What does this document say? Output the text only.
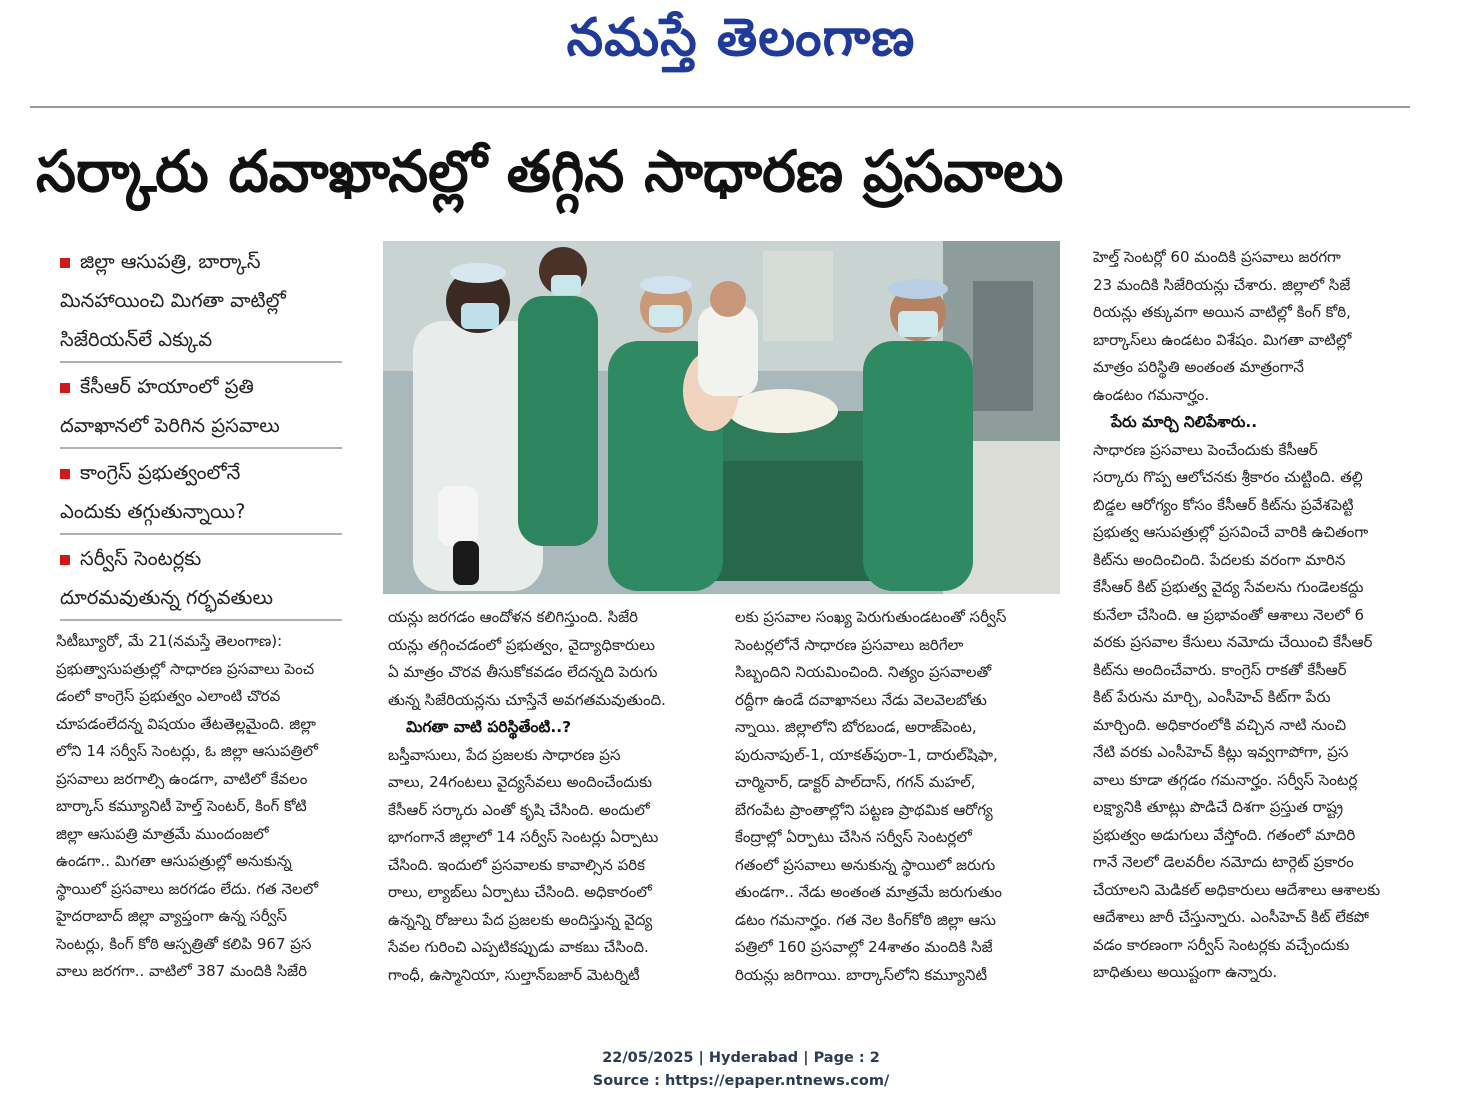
నమస్తే తెలంగాణ
సర్కారు దవాఖానల్లో తగ్గిన సాధారణ ప్రసవాలు
జిల్లా ఆసుపత్రి, బార్కాస్
మినహాయించి మిగతా వాటిల్లో
సిజేరియన్‌లే ఎక్కువ
కేసీఆర్ హయాంలో ప్రతి
దవాఖానలో పెరిగిన ప్రసవాలు
కాంగ్రెస్ ప్రభుత్వంలోనే
ఎందుకు తగ్గుతున్నాయి?
సర్వీస్ సెంటర్లకు
దూరమవుతున్న గర్భవతులు
సిటీబ్యూరో, మే 21(నమస్తే తెలంగాణ):
ప్రభుత్వాసుపత్రుల్లో సాధారణ ప్రసవాలు పెంచ
డంలో కాంగ్రెస్ ప్రభుత్వం ఎలాంటి చొరవ
చూపడంలేదన్న విషయం తేటతెల్లమైంది. జిల్లా
లోని 14 సర్వీస్ సెంటర్లు, ఓ జిల్లా ఆసుపత్రిలో
ప్రసవాలు జరగాల్సి ఉండగా, వాటిలో కేవలం
బార్కాస్ కమ్యూనిటీ హెల్త్ సెంటర్, కింగ్ కోటి
జిల్లా ఆసుపత్రి మాత్రమే ముందంజలో
ఉండగా.. మిగతా ఆసుపత్రుల్లో అనుకున్న
స్థాయిలో ప్రసవాలు జరగడం లేదు. గత నెలలో
హైదరాబాద్ జిల్లా వ్యాప్తంగా ఉన్న సర్వీస్
సెంటర్లు, కింగ్ కోఠి ఆస్పత్రితో కలిపి 967 ప్రస
వాలు జరగగా.. వాటిలో 387 మందికి సిజేరి
యన్లు జరగడం ఆందోళన కలిగిస్తుంది. సిజేరి
యన్లు తగ్గించడంలో ప్రభుత్వం, వైద్యాధికారులు
ఏ మాత్రం చొరవ తీసుకోకవడం లేదన్నది పెరుగు
తున్న సిజేరియన్లను చూస్తేనే అవగతమవుతుంది.
మిగతా వాటి పరిస్థితేంటి..?
బస్తీవాసులు, పేద ప్రజలకు సాధారణ ప్రస
వాలు, 24గంటలు వైద్యసేవలు అందించేందుకు
కేసీఆర్ సర్కారు ఎంతో కృషి చేసింది. అందులో
భాగంగానే జిల్లాలో 14 సర్వీస్ సెంటర్లు ఏర్పాటు
చేసింది. ఇందులో ప్రసవాలకు కావాల్సిన పరిక
రాలు, ల్యాబ్‌లు ఏర్పాటు చేసింది. అధికారంలో
ఉన్నన్ని రోజులు పేద ప్రజలకు అందిస్తున్న వైద్య
సేవల గురించి ఎప్పటికప్పుడు వాకబు చేసింది.
గాంధీ, ఉస్మానియా, సుల్తాన్‌బజార్ మెటర్నిటీ
లకు ప్రసవాల సంఖ్య పెరుగుతుండటంతో సర్వీస్
సెంటర్లలోనే సాధారణ ప్రసవాలు జరిగేలా
సిబ్బందిని నియమించింది. నిత్యం ప్రసవాలతో
రద్దీగా ఉండే దవాఖానలు నేడు వెలవెలబోతు
న్నాయి. జిల్లాలోని బోరబండ, అరాజ్‌పెంట,
పురునాపుల్-1, యాకత్‌పురా-1, దారుల్‌షిఫా,
చార్మినార్, డాక్టర్ పాల్‌దాస్, గగన్ మహల్,
బేగంపేట ప్రాంతాల్లోని పట్టణ ప్రాథమిక ఆరోగ్య
కేంద్రాల్లో ఏర్పాటు చేసిన సర్వీస్ సెంటర్లలో
గతంలో ప్రసవాలు అనుకున్న స్థాయిలో జరుగు
తుండగా.. నేడు అంతంత మాత్రమే జరుగుతుం
డటం గమనార్హం. గత నెల కింగ్‌కోఠి జిల్లా ఆసు
పత్రిలో 160 ప్రసవాల్లో 24శాతం మందికి సిజే
రియన్లు జరిగాయి. బార్కాస్‌లోని కమ్యూనిటీ
హెల్త్ సెంటర్లో 60 మందికి ప్రసవాలు జరగగా
23 మందికి సిజేరియన్లు చేశారు. జిల్లాలో సిజే
రియన్లు తక్కువగా అయిన వాటిల్లో కింగ్ కోఠి,
బార్కాస్‌లు ఉండటం విశేషం. మిగతా వాటిల్లో
మాత్రం పరిస్థితి అంతంత మాత్రంగానే
ఉండటం గమనార్హం.
పేరు మార్చి నిలిపేశారు..
సాధారణ ప్రసవాలు పెంచేందుకు కేసీఆర్
సర్కారు గొప్ప ఆలోచనకు శ్రీకారం చుట్టింది. తల్లి
బిడ్డల ఆరోగ్యం కోసం కేసీఆర్ కిట్‌ను ప్రవేశపెట్టి
ప్రభుత్వ ఆసుపత్రుల్లో ప్రసవించే వారికి ఉచితంగా
కిట్‌ను అందించింది. పేదలకు వరంగా మారిన
కేసీఆర్ కిట్ ప్రభుత్వ వైద్య సేవలను గుండెలకద్దు
కునేలా చేసింది. ఆ ప్రభావంతో ఆశాలు నెలలో 6
వరకు ప్రసవాల కేసులు నమోదు చేయించి కేసీఆర్
కిట్‌ను అందించేవారు. కాంగ్రెస్ రాకతో కేసీఆర్
కిట్ పేరును మార్చి, ఎంసీహెచ్ కిట్‌గా పేరు
మార్చింది. అధికారంలోకి వచ్చిన నాటి నుంచి
నేటి వరకు ఎంసీహెచ్ కిట్లు ఇవ్వగాపోగా, ప్రస
వాలు కూడా తగ్గడం గమనార్హం. సర్వీస్ సెంటర్ల
లక్ష్యానికి తూట్లు పొడిచే దిశగా ప్రస్తుత రాష్ట్ర
ప్రభుత్వం అడుగులు వేస్తోంది. గతంలో మాదిరి
గానే నెలలో డెలవరీల నమోదు టార్గెట్ ప్రకారం
చేయాలని మెడికల్ అధికారులు ఆదేశాలు ఆశాలకు
ఆదేశాలు జారీ చేస్తున్నారు. ఎంసీహెచ్ కిట్ లేకపో
వడం కారణంగా సర్వీస్ సెంటర్లకు వచ్చేందుకు
బాధితులు అయిష్టంగా ఉన్నారు.
22/05/2025 | Hyderabad | Page : 2
Source : https://epaper.ntnews.com/
